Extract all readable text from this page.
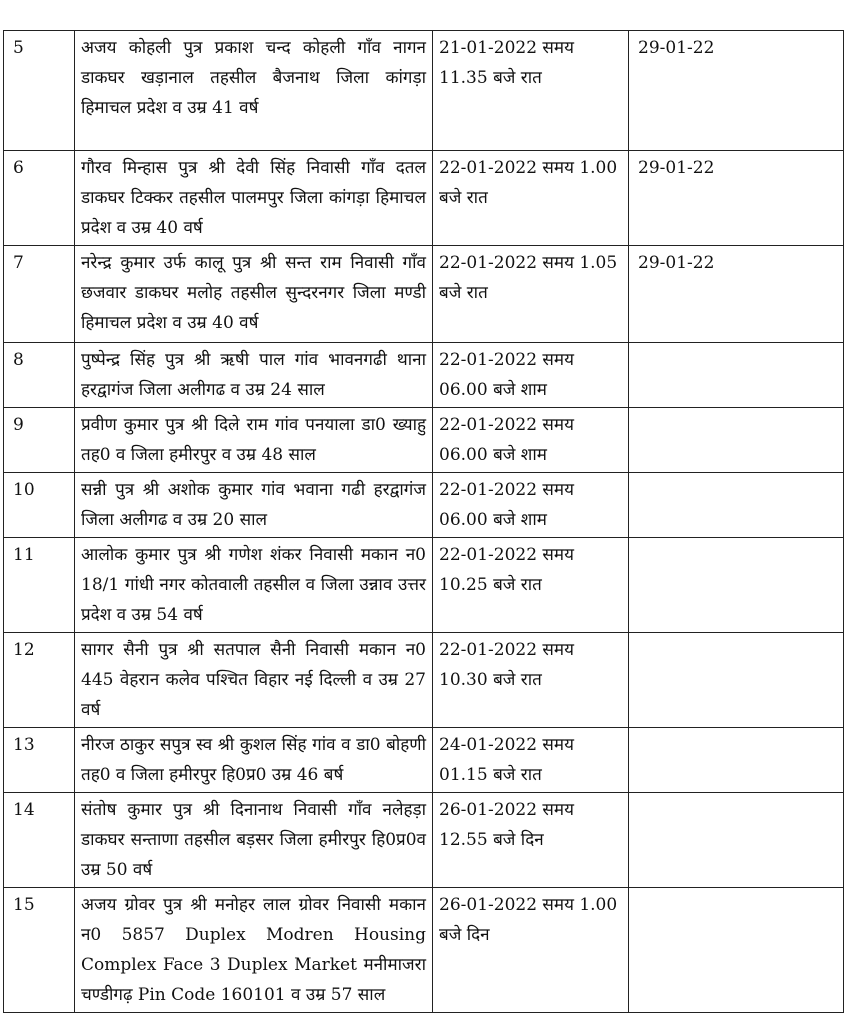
5	अजय कोहली पुत्र प्रकाश चन्द कोहली गाँव नागन डाकघर खड़ानाल तहसील बैजनाथ जिला कांगड़ा हिमाचल प्रदेश व उम्र 41 वर्ष	21-01-2022 समय 11.35 बजे रात	29-01-22
6	गौरव मिन्हास पुत्र श्री देवी सिंह निवासी गाँव दतल डाकघर टिक्कर तहसील पालमपुर जिला कांगड़ा हिमाचल प्रदेश व उम्र 40 वर्ष	22-01-2022 समय 1.00 बजे रात	29-01-22
7	नरेन्द्र कुमार उर्फ कालू पुत्र श्री सन्त राम निवासी गाँव छजवार डाकघर मलोह तहसील सुन्दरनगर जिला मण्डी हिमाचल प्रदेश व उम्र 40 वर्ष	22-01-2022 समय 1.05 बजे रात	29-01-22
8	पुष्पेन्द्र सिंह पुत्र श्री ऋषी पाल गांव भावनगढी थाना हरद्वागंज जिला अलीगढ व उम्र 24 साल	22-01-2022 समय 06.00 बजे शाम	
9	प्रवीण कुमार पुत्र श्री दिले राम गांव पनयाला डा0 ख्याहु तह0 व जिला हमीरपुर व उम्र 48 साल	22-01-2022 समय 06.00 बजे शाम	
10	सन्नी पुत्र श्री अशोक कुमार गांव भवाना गढी हरद्वागंज जिला अलीगढ व उम्र 20 साल	22-01-2022 समय 06.00 बजे शाम	
11	आलोक कुमार पुत्र श्री गणेश शंकर निवासी मकान न0 18/1 गांधी नगर कोतवाली तहसील व जिला उन्नाव उत्तर प्रदेश व उम्र 54 वर्ष	22-01-2022 समय 10.25 बजे रात	
12	सागर सैनी पुत्र श्री सतपाल सैनी निवासी मकान न0 445 वेहरान कलेव पश्चित विहार नई दिल्ली व उम्र 27 वर्ष	22-01-2022 समय 10.30 बजे रात	
13	नीरज ठाकुर सपुत्र स्व श्री कुशल सिंह गांव व डा0 बोहणी तह0 व जिला हमीरपुर हि0प्र0 उम्र 46 बर्ष	24-01-2022 समय 01.15 बजे रात	
14	संतोष कुमार पुत्र श्री दिनानाथ निवासी गाँव नलेहड़ा डाकघर सन्ताणा तहसील बड़सर जिला हमीरपुर हि0प्र0व उम्र 50 वर्ष	26-01-2022 समय 12.55 बजे दिन	
15	अजय ग्रोवर पुत्र श्री मनोहर लाल ग्रोवर निवासी मकान न0 5857 Duplex Modren Housing Complex Face 3 Duplex Market मनीमाजरा चण्डीगढ़ Pin Code 160101 व उम्र 57 साल	26-01-2022 समय 1.00 बजे दिन	
